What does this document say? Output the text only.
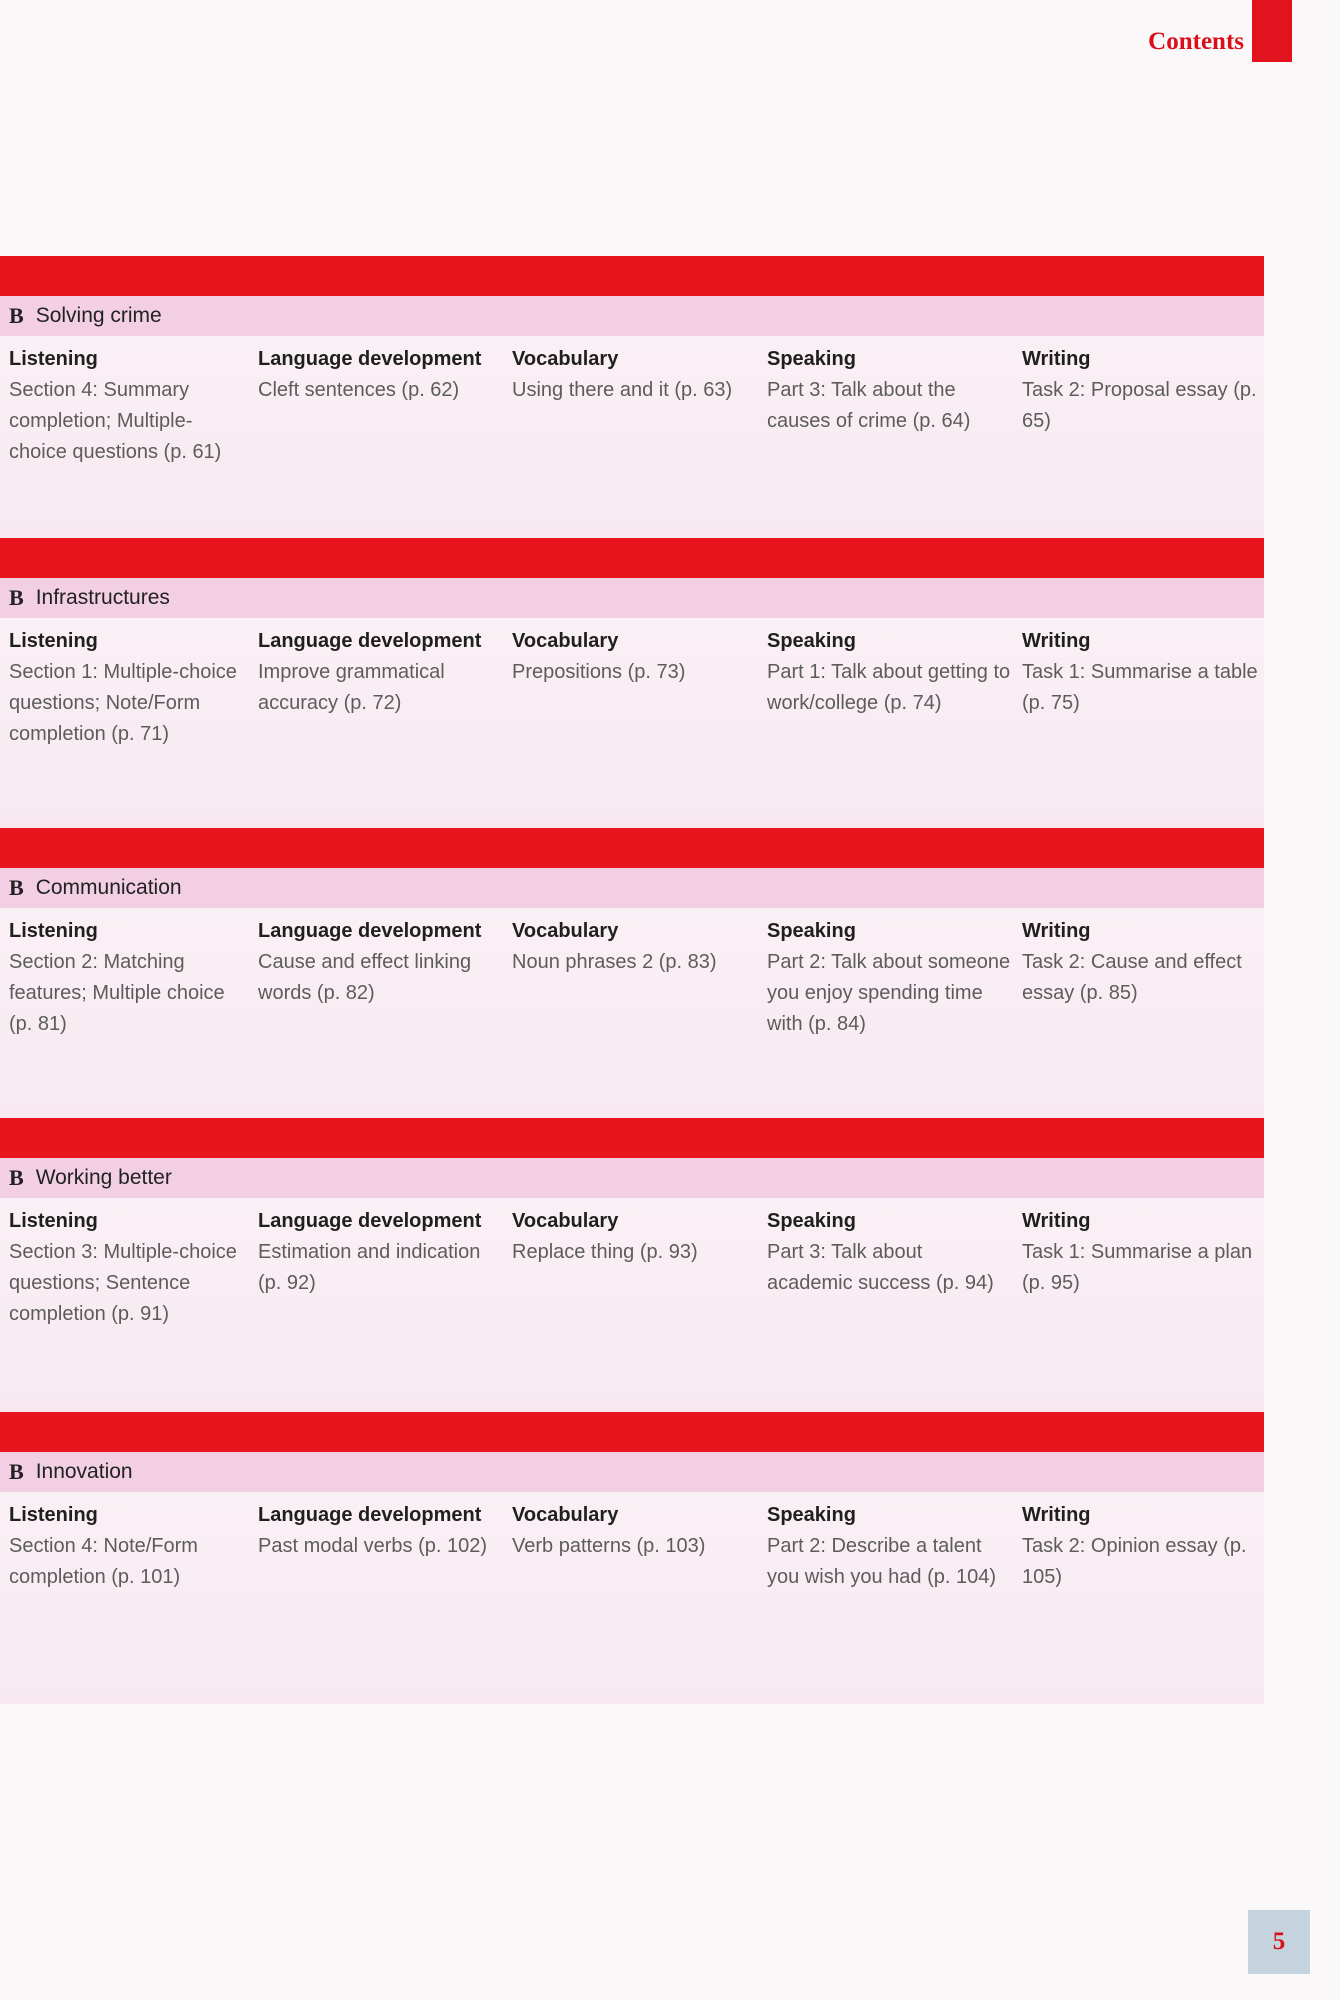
Contents
B Solving crime
Listening
Section 4: Summary completion; Multiple-choice questions (p. 61)
Language development
Cleft sentences (p. 62)
Vocabulary
Using there and it (p. 63)
Speaking
Part 3: Talk about the causes of crime (p. 64)
Writing
Task 2: Proposal essay (p. 65)
B Infrastructures
Listening
Section 1: Multiple-choice questions; Note/Form completion (p. 71)
Language development
Improve grammatical accuracy (p. 72)
Vocabulary
Prepositions (p. 73)
Speaking
Part 1: Talk about getting to work/college (p. 74)
Writing
Task 1: Summarise a table (p. 75)
B Communication
Listening
Section 2: Matching features; Multiple choice (p. 81)
Language development
Cause and effect linking words (p. 82)
Vocabulary
Noun phrases 2 (p. 83)
Speaking
Part 2: Talk about someone you enjoy spending time with (p. 84)
Writing
Task 2: Cause and effect essay (p. 85)
B Working better
Listening
Section 3: Multiple-choice questions; Sentence completion (p. 91)
Language development
Estimation and indication (p. 92)
Vocabulary
Replace thing (p. 93)
Speaking
Part 3: Talk about academic success (p. 94)
Writing
Task 1: Summarise a plan (p. 95)
B Innovation
Listening
Section 4: Note/Form completion (p. 101)
Language development
Past modal verbs (p. 102)
Vocabulary
Verb patterns (p. 103)
Speaking
Part 2: Describe a talent you wish you had (p. 104)
Writing
Task 2: Opinion essay (p. 105)
5
